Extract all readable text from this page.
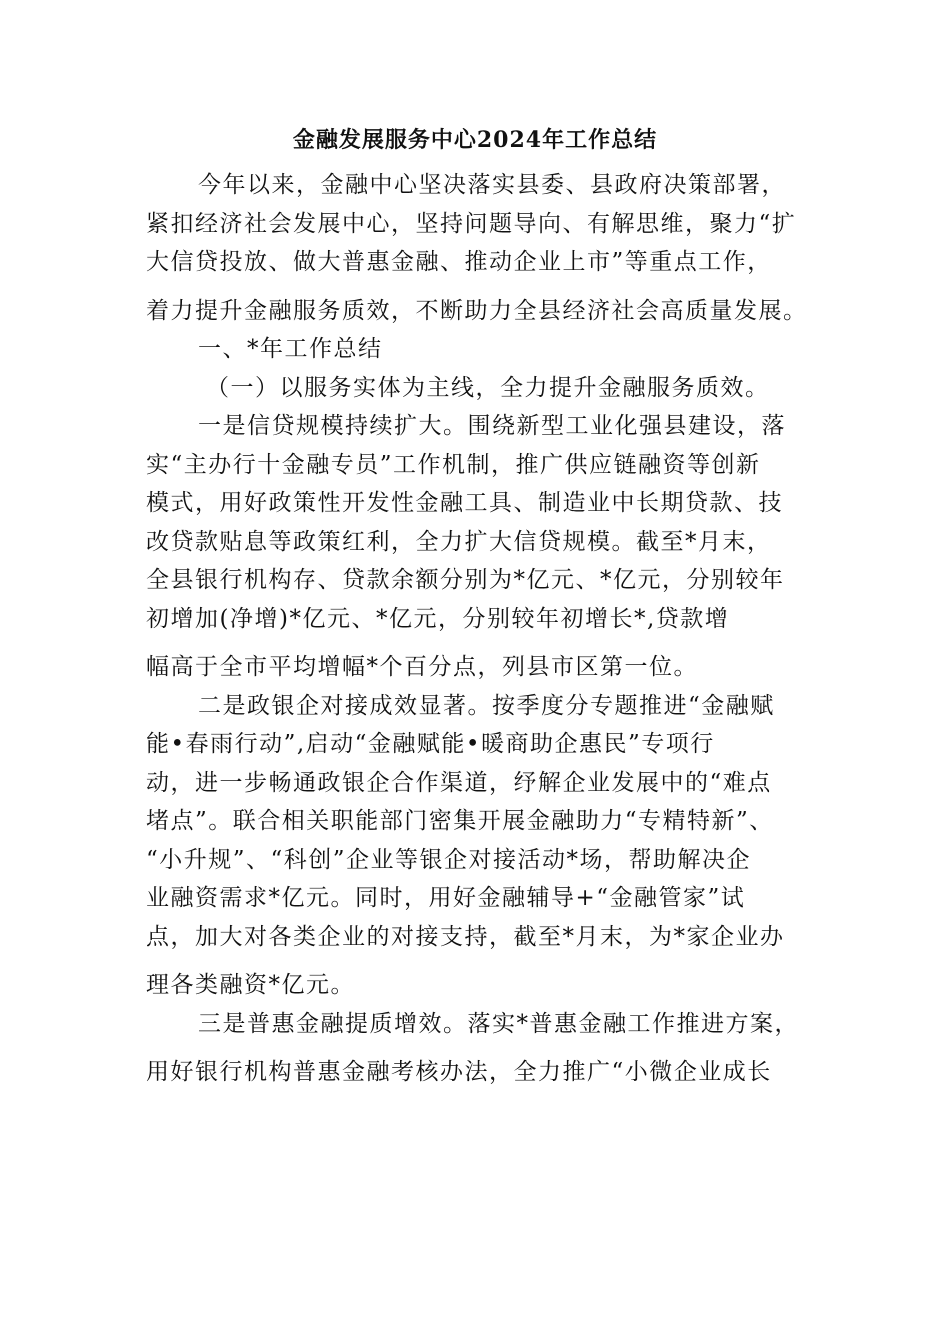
金融发展服务中心2024年工作总结
今年以来，金融中心坚决落实县委、县政府决策部署，
紧扣经济社会发展中心，坚持问题导向、有解思维，聚力“扩
大信贷投放、做大普惠金融、推动企业上市”等重点工作，
着力提升金融服务质效，不断助力全县经济社会高质量发展。
一、*年工作总结
（一）以服务实体为主线，全力提升金融服务质效。
一是信贷规模持续扩大。围绕新型工业化强县建设，落
实“主办行十金融专员”工作机制，推广供应链融资等创新
模式，用好政策性开发性金融工具、制造业中长期贷款、技
改贷款贴息等政策红利，全力扩大信贷规模。截至*月末，
全县银行机构存、贷款余额分别为*亿元、*亿元，分别较年
初增加(净增)*亿元、*亿元，分别较年初增长*,贷款增
幅高于全市平均增幅*个百分点，列县市区第一位。
二是政银企对接成效显著。按季度分专题推进“金融赋
能•春雨行动”,启动“金融赋能•暖商助企惠民”专项行
动，进一步畅通政银企合作渠道，纾解企业发展中的“难点
堵点”。联合相关职能部门密集开展金融助力“专精特新”、
“小升规”、“科创”企业等银企对接活动*场，帮助解决企
业融资需求*亿元。同时，用好金融辅导+“金融管家”试
点，加大对各类企业的对接支持，截至*月末，为*家企业办
理各类融资*亿元。
三是普惠金融提质增效。落实*普惠金融工作推进方案，
用好银行机构普惠金融考核办法，全力推广“小微企业成长
